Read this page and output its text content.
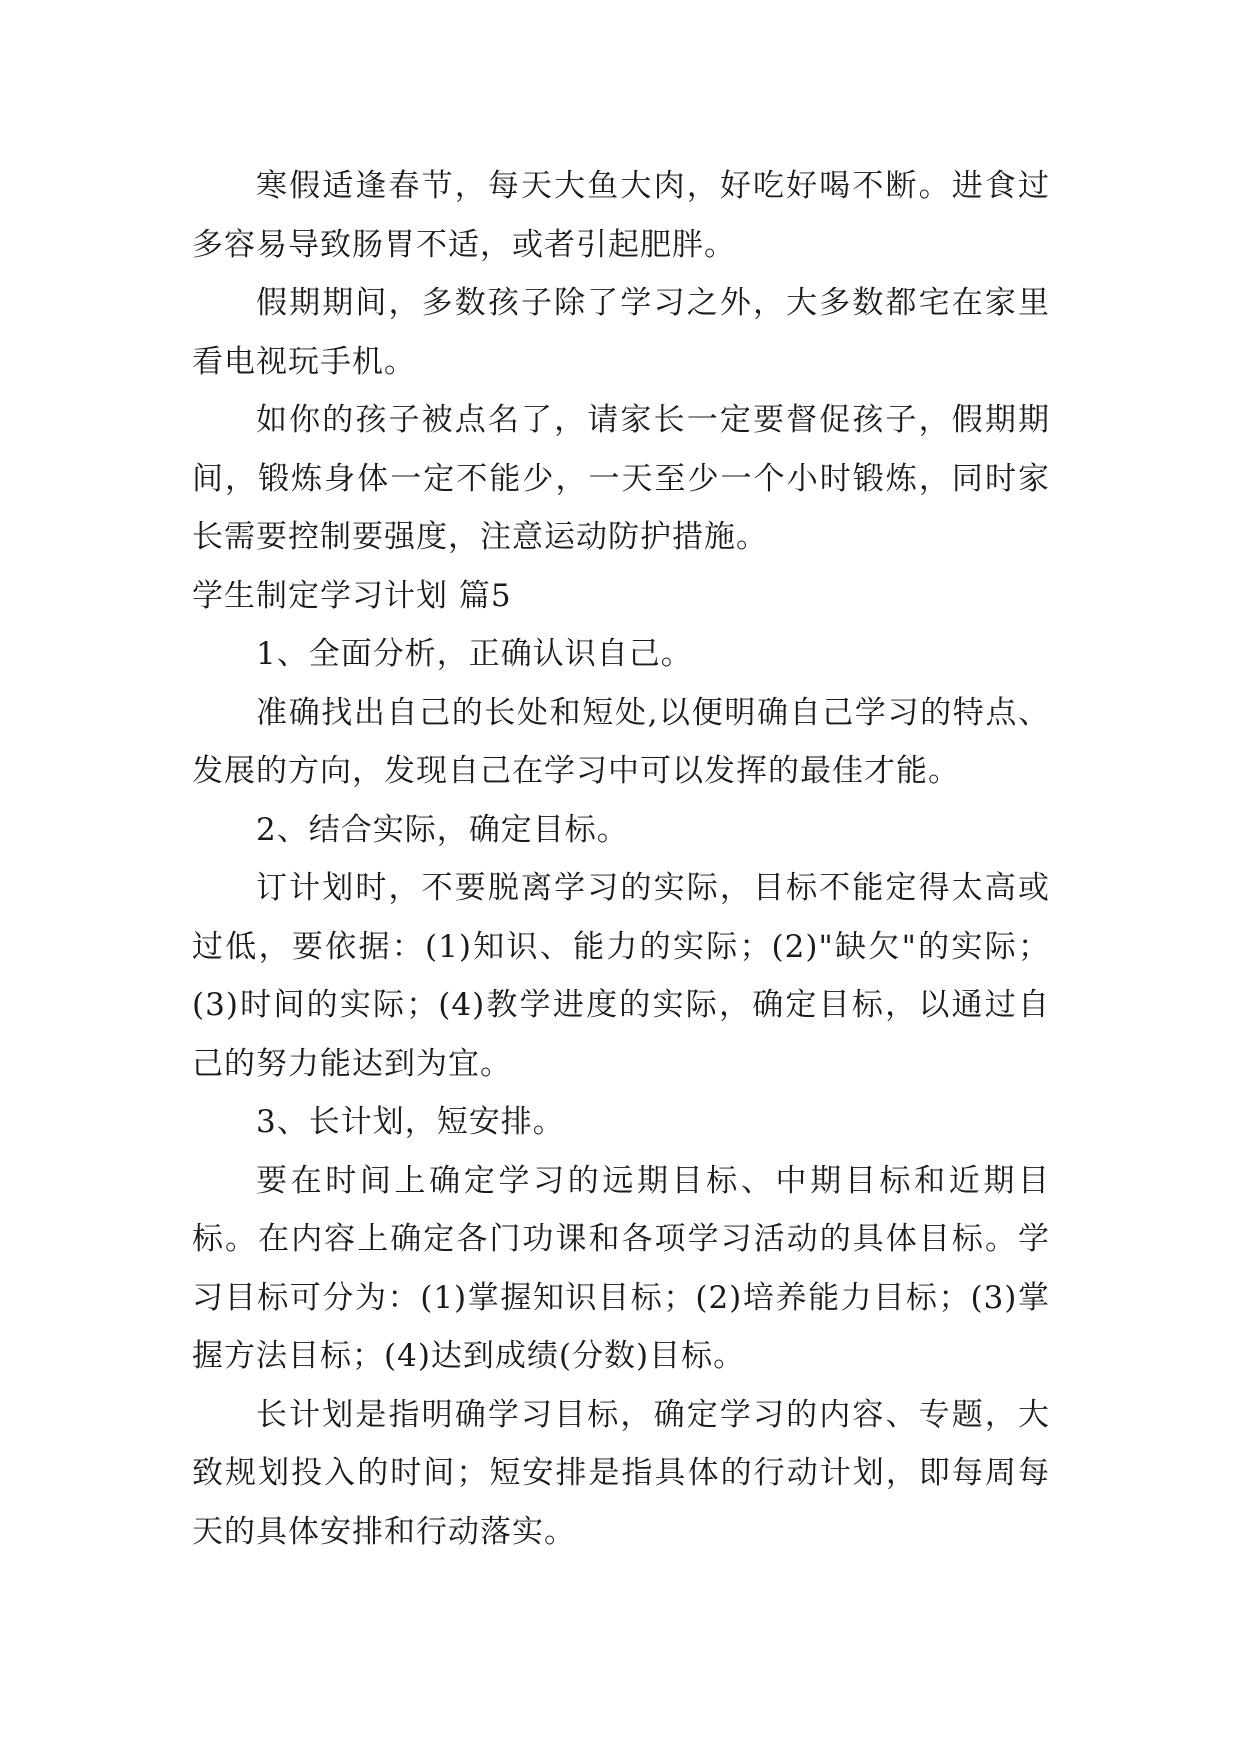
寒假适逢春节，每天大鱼大肉，好吃好喝不断。进食过多容易导致肠胃不适，或者引起肥胖。

假期期间，多数孩子除了学习之外，大多数都宅在家里看电视玩手机。

如你的孩子被点名了，请家长一定要督促孩子，假期期间，锻炼身体一定不能少，一天至少一个小时锻炼，同时家长需要控制要强度，注意运动防护措施。

学生制定学习计划 篇5

1、全面分析，正确认识自己。

准确找出自己的长处和短处,以便明确自己学习的特点、发展的方向，发现自己在学习中可以发挥的最佳才能。

2、结合实际，确定目标。

订计划时，不要脱离学习的实际，目标不能定得太高或过低，要依据：(1)知识、能力的实际；(2)"缺欠"的实际；(3)时间的实际；(4)教学进度的实际，确定目标，以通过自己的努力能达到为宜。

3、长计划，短安排。

要在时间上确定学习的远期目标、中期目标和近期目标。在内容上确定各门功课和各项学习活动的具体目标。学习目标可分为：(1)掌握知识目标；(2)培养能力目标；(3)掌握方法目标；(4)达到成绩(分数)目标。

长计划是指明确学习目标，确定学习的内容、专题，大致规划投入的时间；短安排是指具体的行动计划，即每周每天的具体安排和行动落实。
